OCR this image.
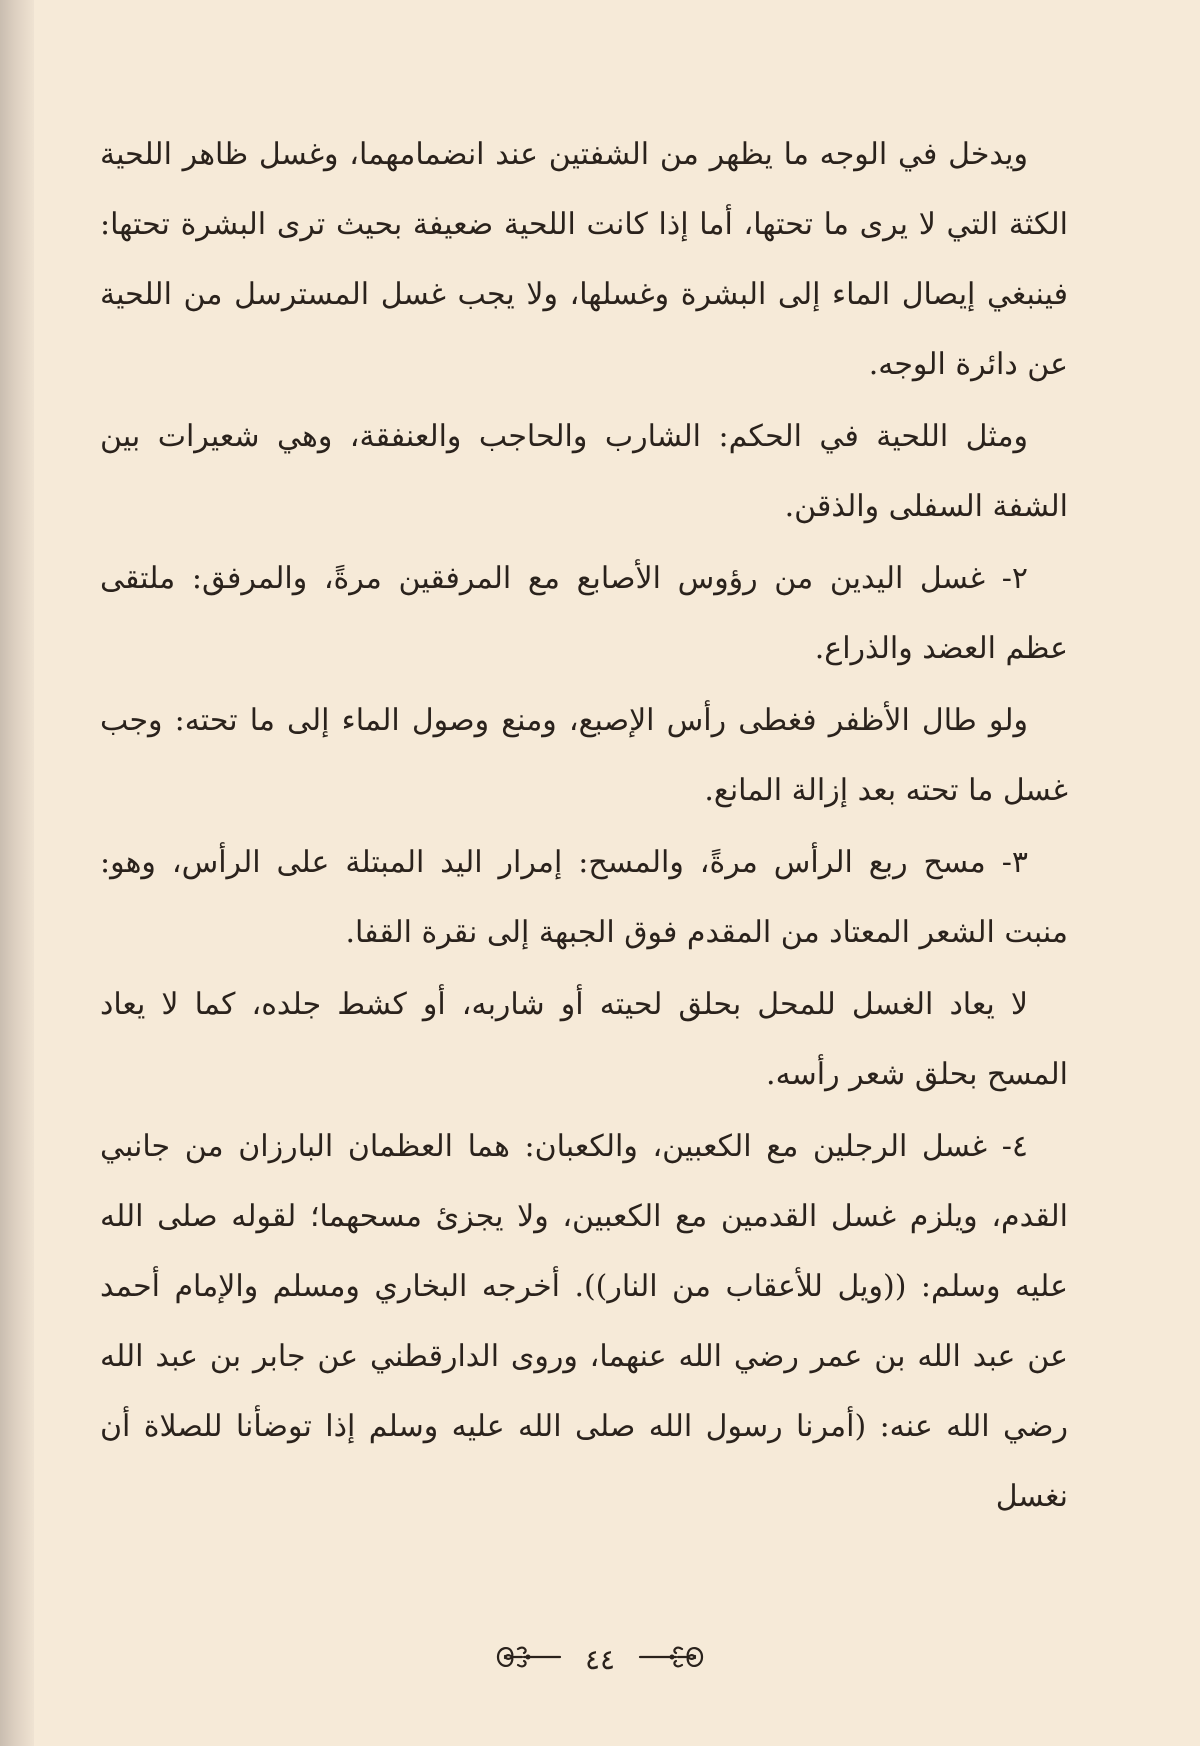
ويدخل في الوجه ما يظهر من الشفتين عند انضمامهما، وغسل ظاهر اللحية الكثة التي لا يرى ما تحتها، أما إذا كانت اللحية ضعيفة بحيث ترى البشرة تحتها: فينبغي إيصال الماء إلى البشرة وغسلها، ولا يجب غسل المسترسل من اللحية عن دائرة الوجه.

ومثل اللحية في الحكم: الشارب والحاجب والعنفقة، وهي شعيرات بين الشفة السفلى والذقن.

٢- غسل اليدين من رؤوس الأصابع مع المرفقين مرةً، والمرفق: ملتقى عظم العضد والذراع.

ولو طال الأظفر فغطى رأس الإصبع، ومنع وصول الماء إلى ما تحته: وجب غسل ما تحته بعد إزالة المانع.

٣- مسح ربع الرأس مرةً، والمسح: إمرار اليد المبتلة على الرأس، وهو: منبت الشعر المعتاد من المقدم فوق الجبهة إلى نقرة القفا.

لا يعاد الغسل للمحل بحلق لحيته أو شاربه، أو كشط جلده، كما لا يعاد المسح بحلق شعر رأسه.

٤- غسل الرجلين مع الكعبين، والكعبان: هما العظمان البارزان من جانبي القدم، ويلزم غسل القدمين مع الكعبين، ولا يجزئ مسحهما؛ لقوله صلى الله عليه وسلم: ((ويل للأعقاب من النار)). أخرجه البخاري ومسلم والإمام أحمد عن عبد الله بن عمر رضي الله عنهما، وروى الدارقطني عن جابر بن عبد الله رضي الله عنه: (أمرنا رسول الله صلى الله عليه وسلم إذا توضأنا للصلاة أن نغسل

٤٤
